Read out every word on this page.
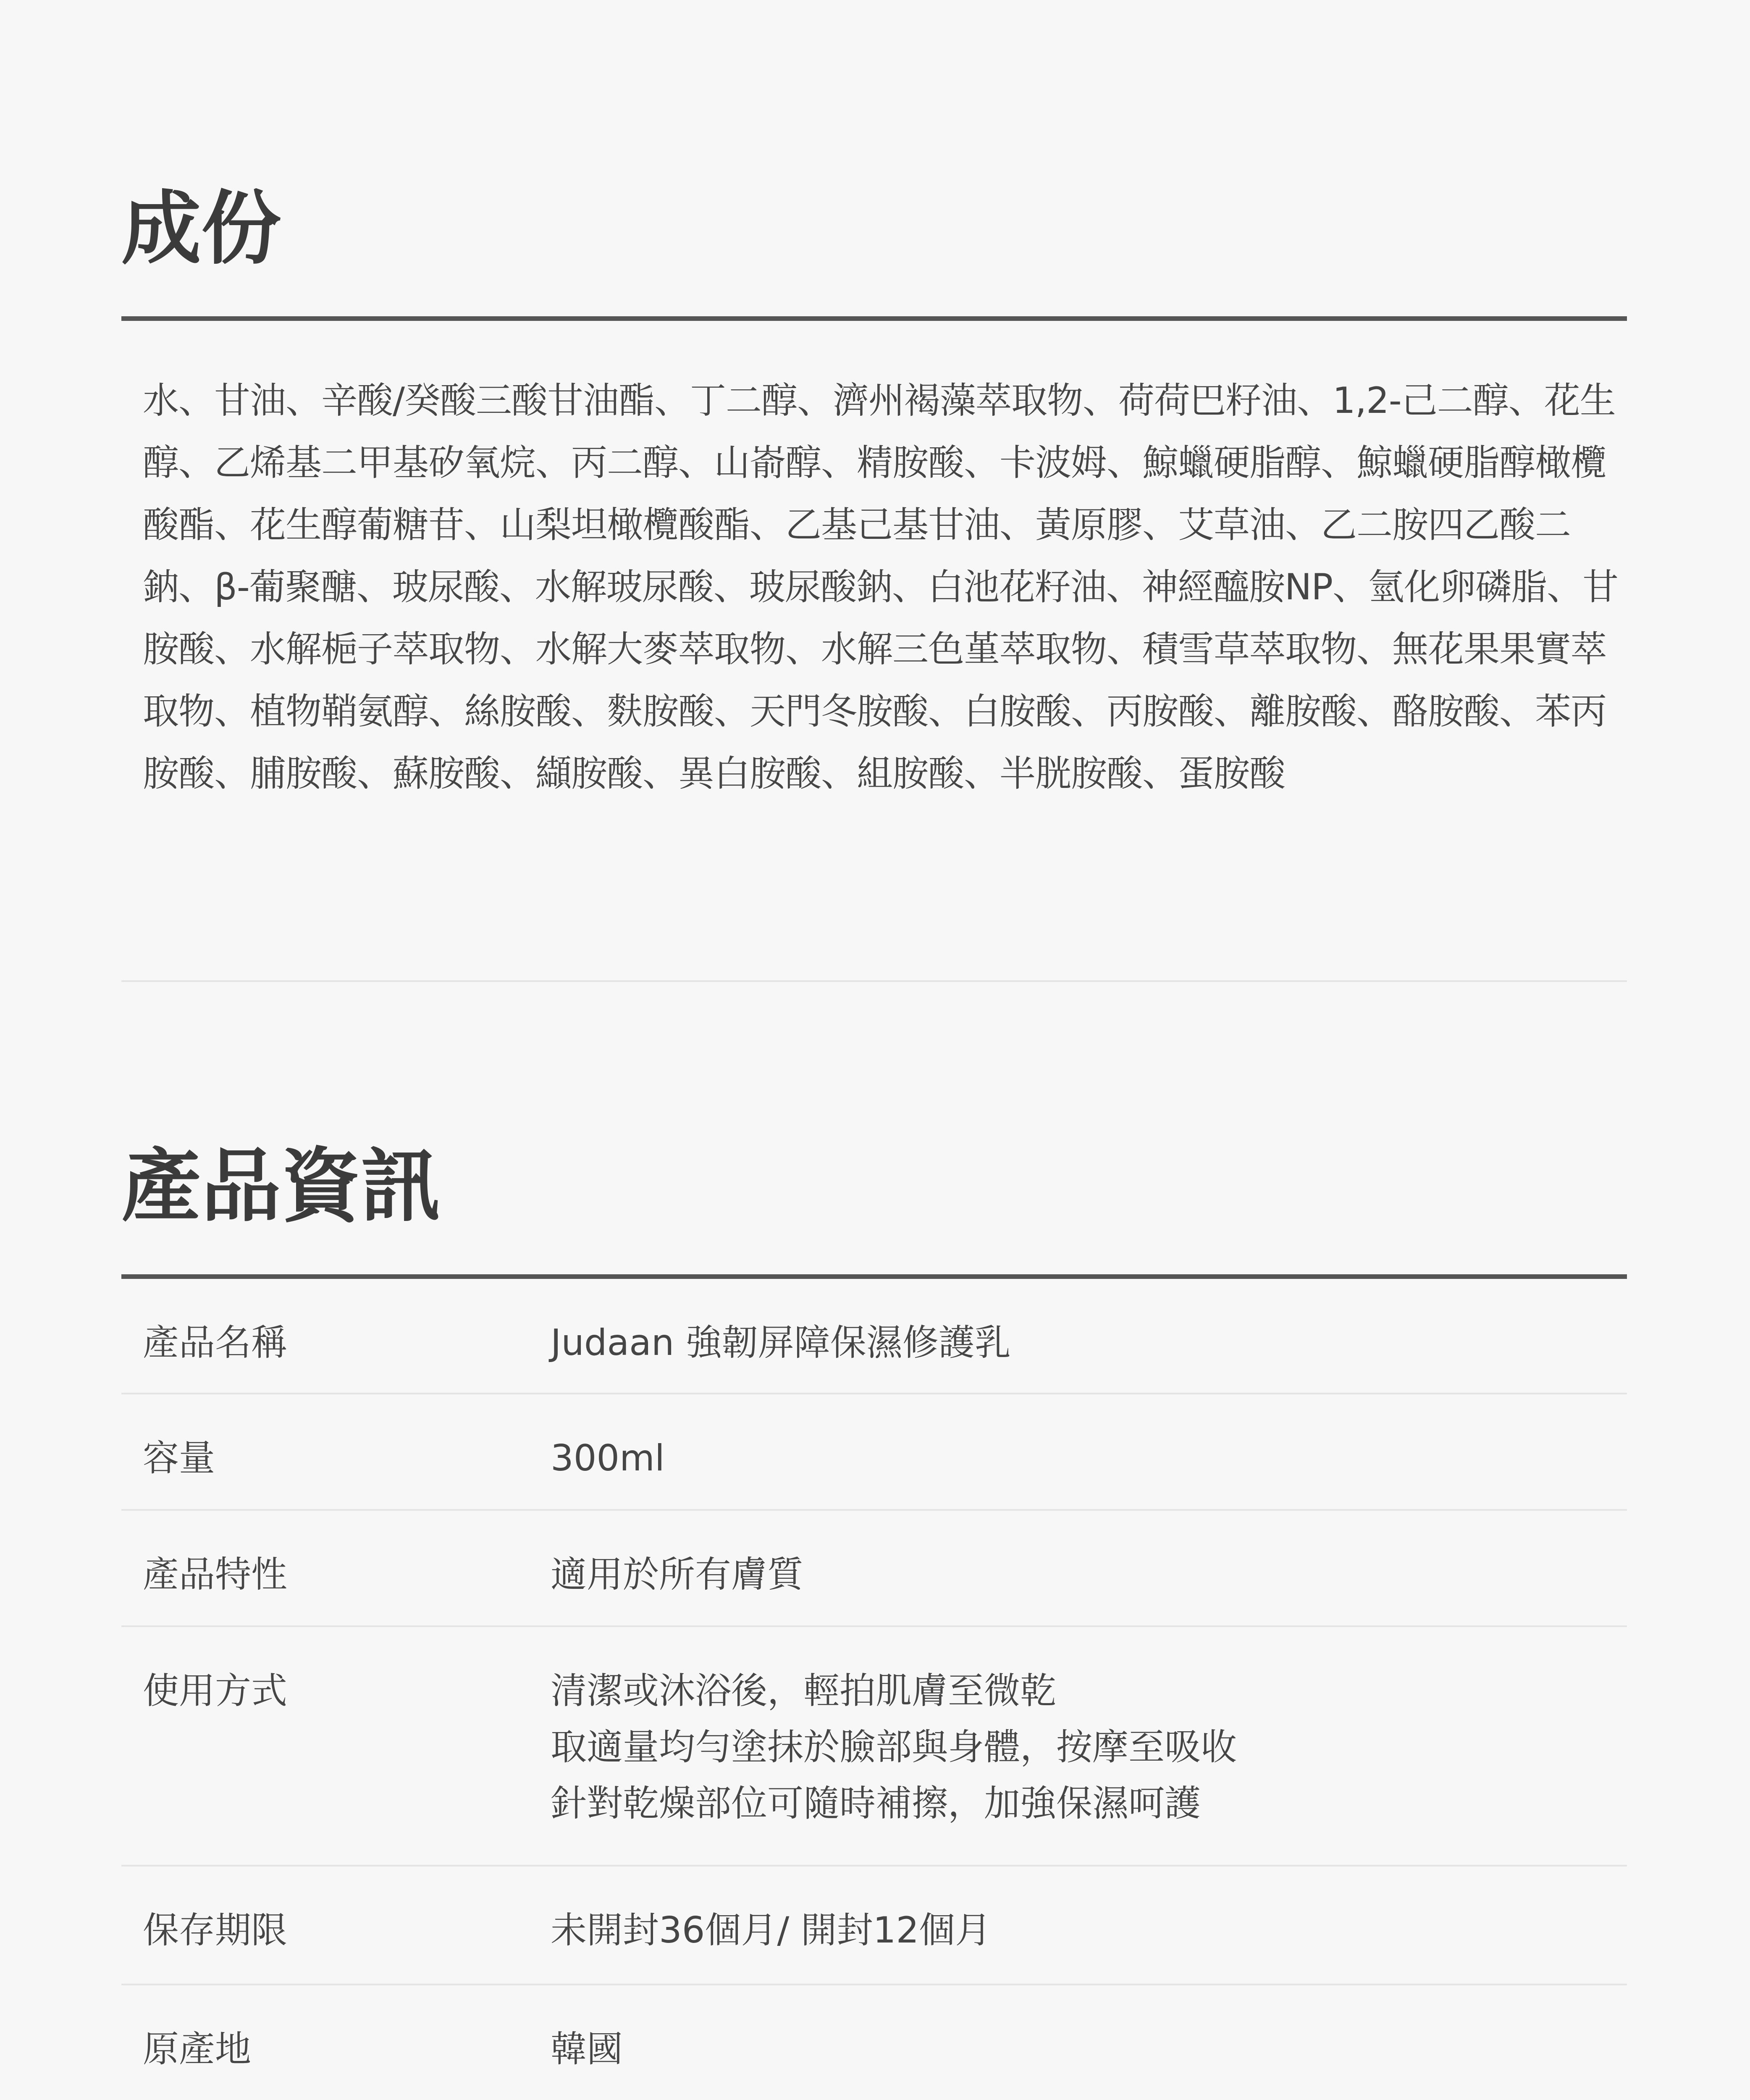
成份

水、甘油、辛酸/癸酸三酸甘油酯、丁二醇、濟州褐藻萃取物、荷荷巴籽油、1,2-己二醇、花生醇、乙烯基二甲基矽氧烷、丙二醇、山嵛醇、精胺酸、卡波姆、鯨蠟硬脂醇、鯨蠟硬脂醇橄欖酸酯、花生醇葡糖苷、山梨坦橄欖酸酯、乙基己基甘油、黃原膠、艾草油、乙二胺四乙酸二鈉、β-葡聚醣、玻尿酸、水解玻尿酸、玻尿酸鈉、白池花籽油、神經醯胺NP、氫化卵磷脂、甘胺酸、水解梔子萃取物、水解大麥萃取物、水解三色堇萃取物、積雪草萃取物、無花果果實萃取物、植物鞘氨醇、絲胺酸、麩胺酸、天門冬胺酸、白胺酸、丙胺酸、離胺酸、酪胺酸、苯丙胺酸、脯胺酸、蘇胺酸、纈胺酸、異白胺酸、組胺酸、半胱胺酸、蛋胺酸

產品資訊
產品名稱	Judaan 強韌屏障保濕修護乳
容量	300ml
產品特性	適用於所有膚質
使用方式	清潔或沐浴後，輕拍肌膚至微乾
取適量均勻塗抹於臉部與身體，按摩至吸收
針對乾燥部位可隨時補擦，加強保濕呵護
保存期限	未開封36個月/ 開封12個月
原產地	韓國
